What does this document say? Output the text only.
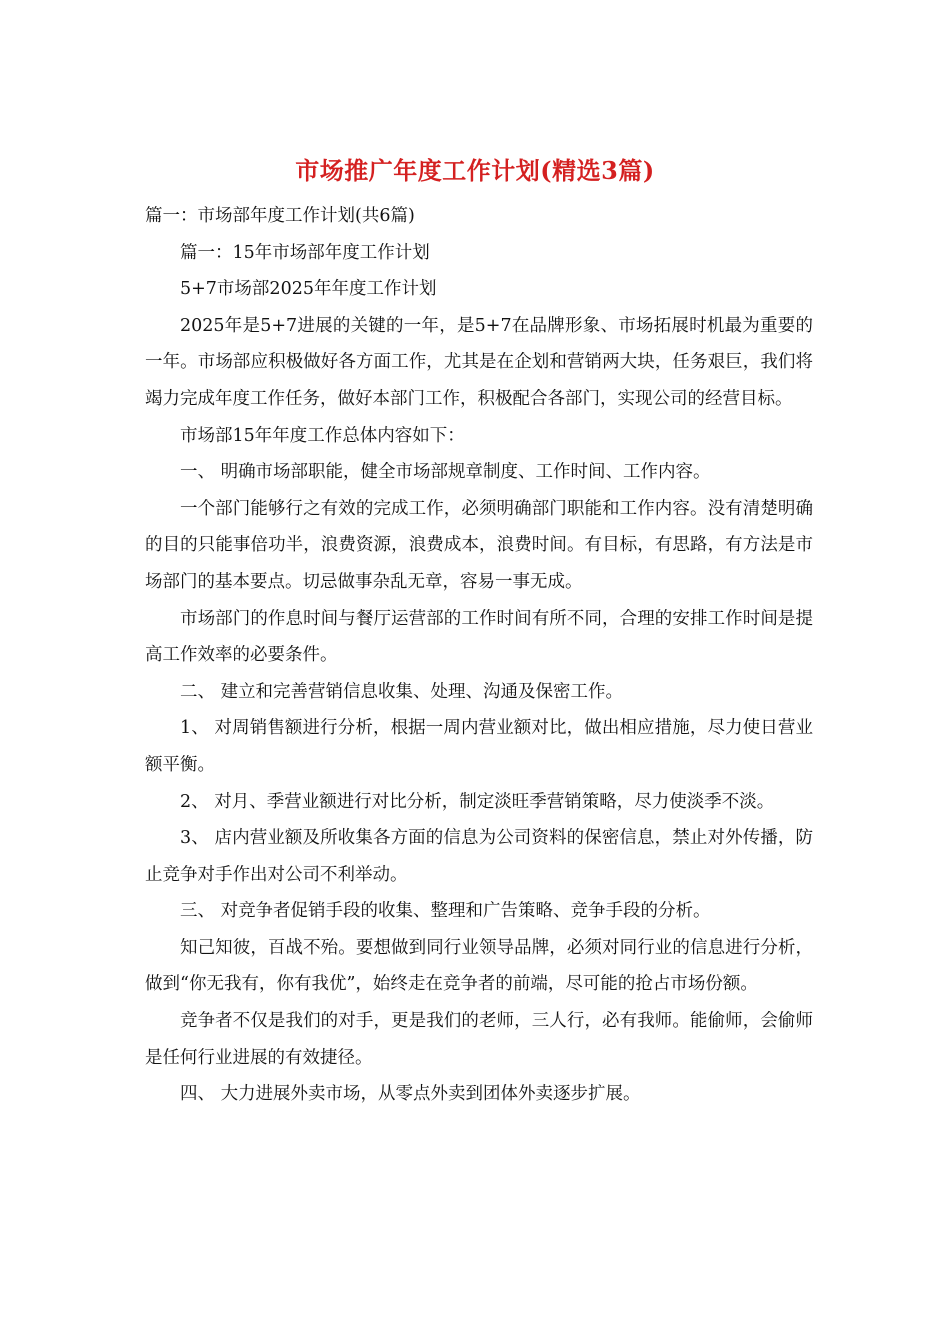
市场推广年度工作计划(精选3篇)

篇一：市场部年度工作计划(共6篇)

篇一：15年市场部年度工作计划

5+7市场部2025年年度工作计划

2025年是5+7进展的关键的一年，是5+7在品牌形象、市场拓展时机最为重要的一年。市场部应积极做好各方面工作，尤其是在企划和营销两大块，任务艰巨，我们将竭力完成年度工作任务，做好本部门工作，积极配合各部门，实现公司的经营目标。

市场部15年年度工作总体内容如下：

一、 明确市场部职能，健全市场部规章制度、工作时间、工作内容。

一个部门能够行之有效的完成工作，必须明确部门职能和工作内容。没有清楚明确的目的只能事倍功半，浪费资源，浪费成本，浪费时间。有目标，有思路，有方法是市场部门的基本要点。切忌做事杂乱无章，容易一事无成。

市场部门的作息时间与餐厅运营部的工作时间有所不同，合理的安排工作时间是提高工作效率的必要条件。

二、 建立和完善营销信息收集、处理、沟通及保密工作。

1、 对周销售额进行分析，根据一周内营业额对比，做出相应措施，尽力使日营业额平衡。

2、 对月、季营业额进行对比分析，制定淡旺季营销策略，尽力使淡季不淡。

3、 店内营业额及所收集各方面的信息为公司资料的保密信息，禁止对外传播，防止竞争对手作出对公司不利举动。

三、 对竞争者促销手段的收集、整理和广告策略、竞争手段的分析。

知己知彼，百战不殆。要想做到同行业领导品牌，必须对同行业的信息进行分析，做到“你无我有，你有我优”，始终走在竞争者的前端，尽可能的抢占市场份额。

竞争者不仅是我们的对手，更是我们的老师，三人行，必有我师。能偷师，会偷师是任何行业进展的有效捷径。

四、 大力进展外卖市场，从零点外卖到团体外卖逐步扩展。
